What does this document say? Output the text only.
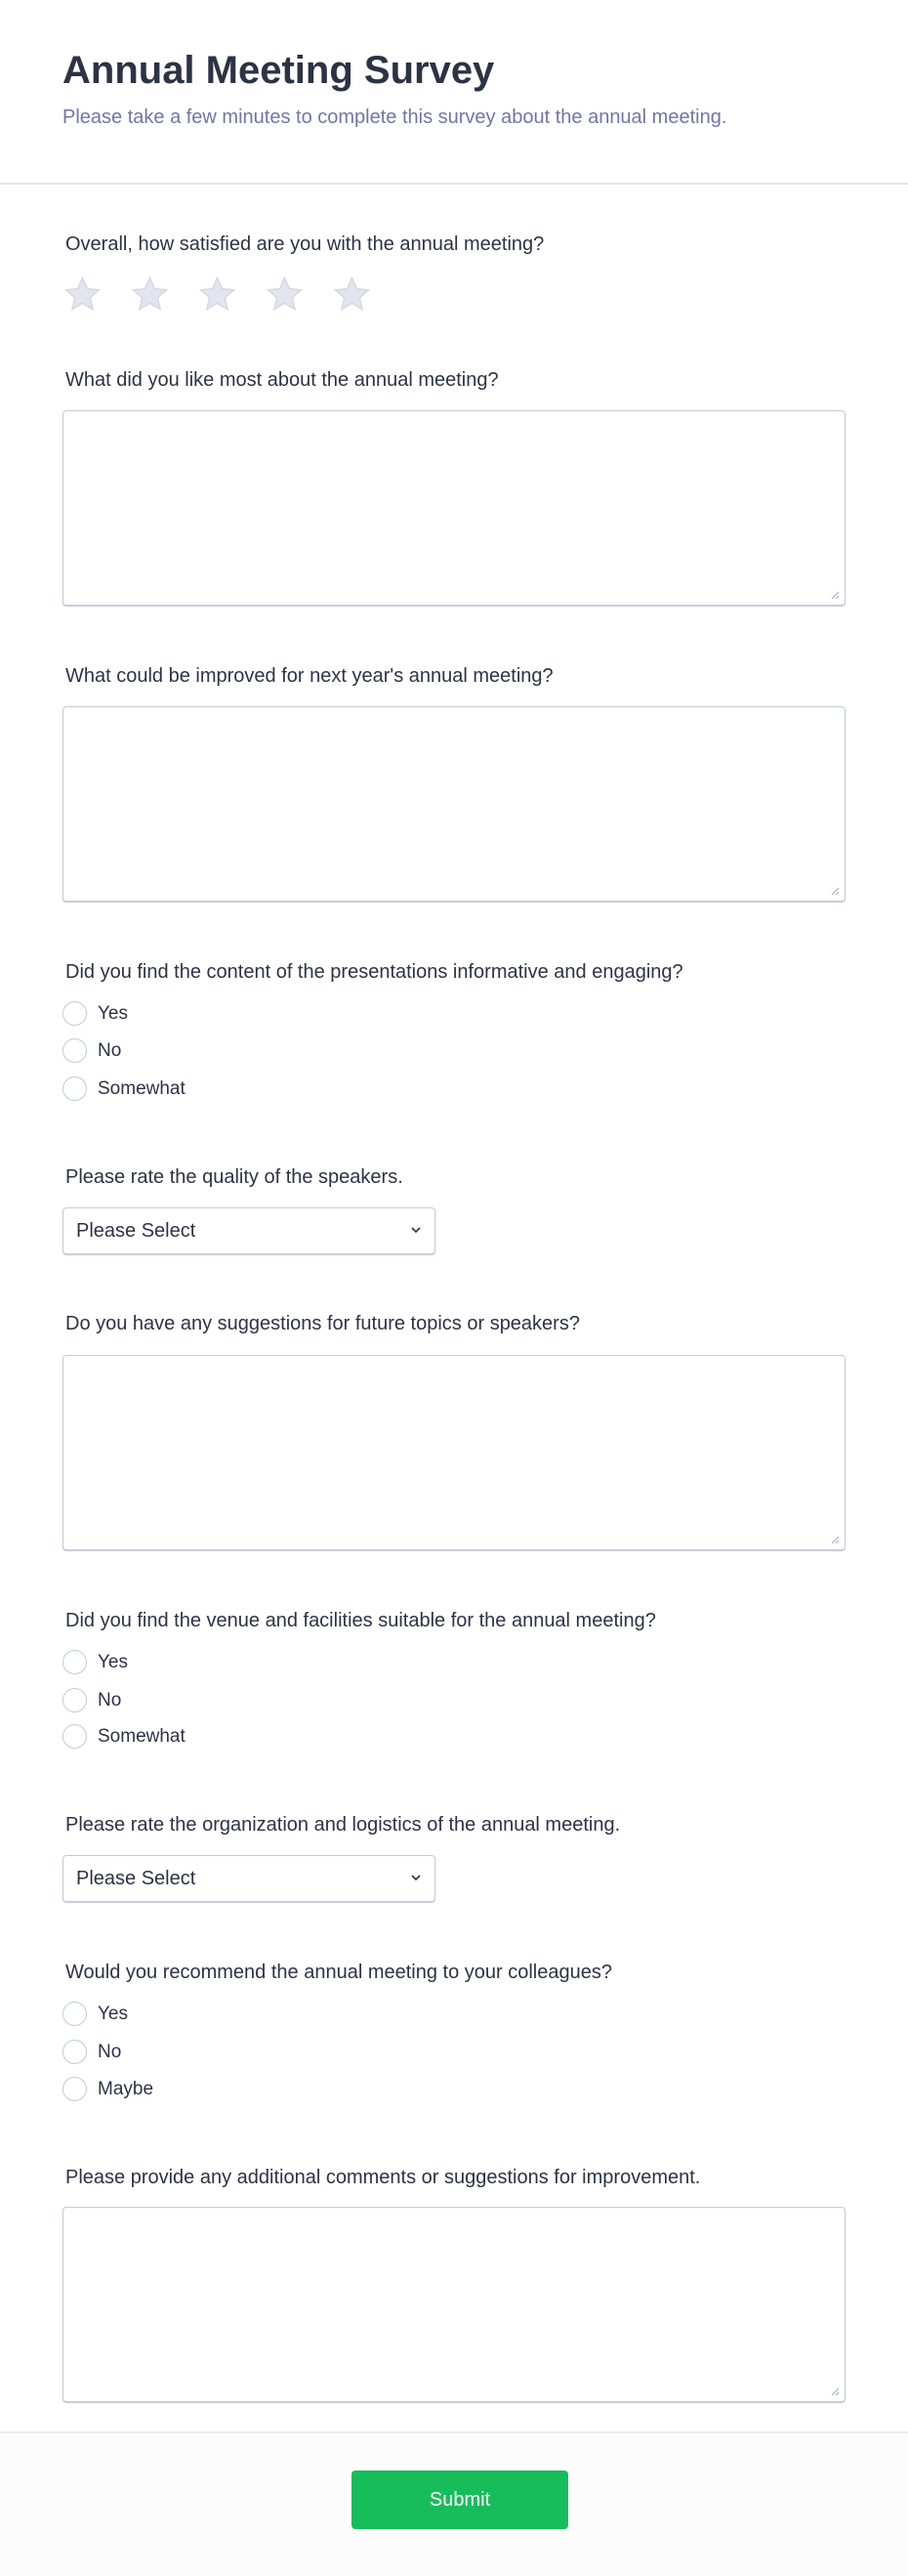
Annual Meeting Survey
Please take a few minutes to complete this survey about the annual meeting.
Overall, how satisfied are you with the annual meeting?
What did you like most about the annual meeting?
What could be improved for next year's annual meeting?
Did you find the content of the presentations informative and engaging?
Yes
No
Somewhat
Please rate the quality of the speakers.
Please Select
Do you have any suggestions for future topics or speakers?
Did you find the venue and facilities suitable for the annual meeting?
Yes
No
Somewhat
Please rate the organization and logistics of the annual meeting.
Please Select
Would you recommend the annual meeting to your colleagues?
Yes
No
Maybe
Please provide any additional comments or suggestions for improvement.
Submit
